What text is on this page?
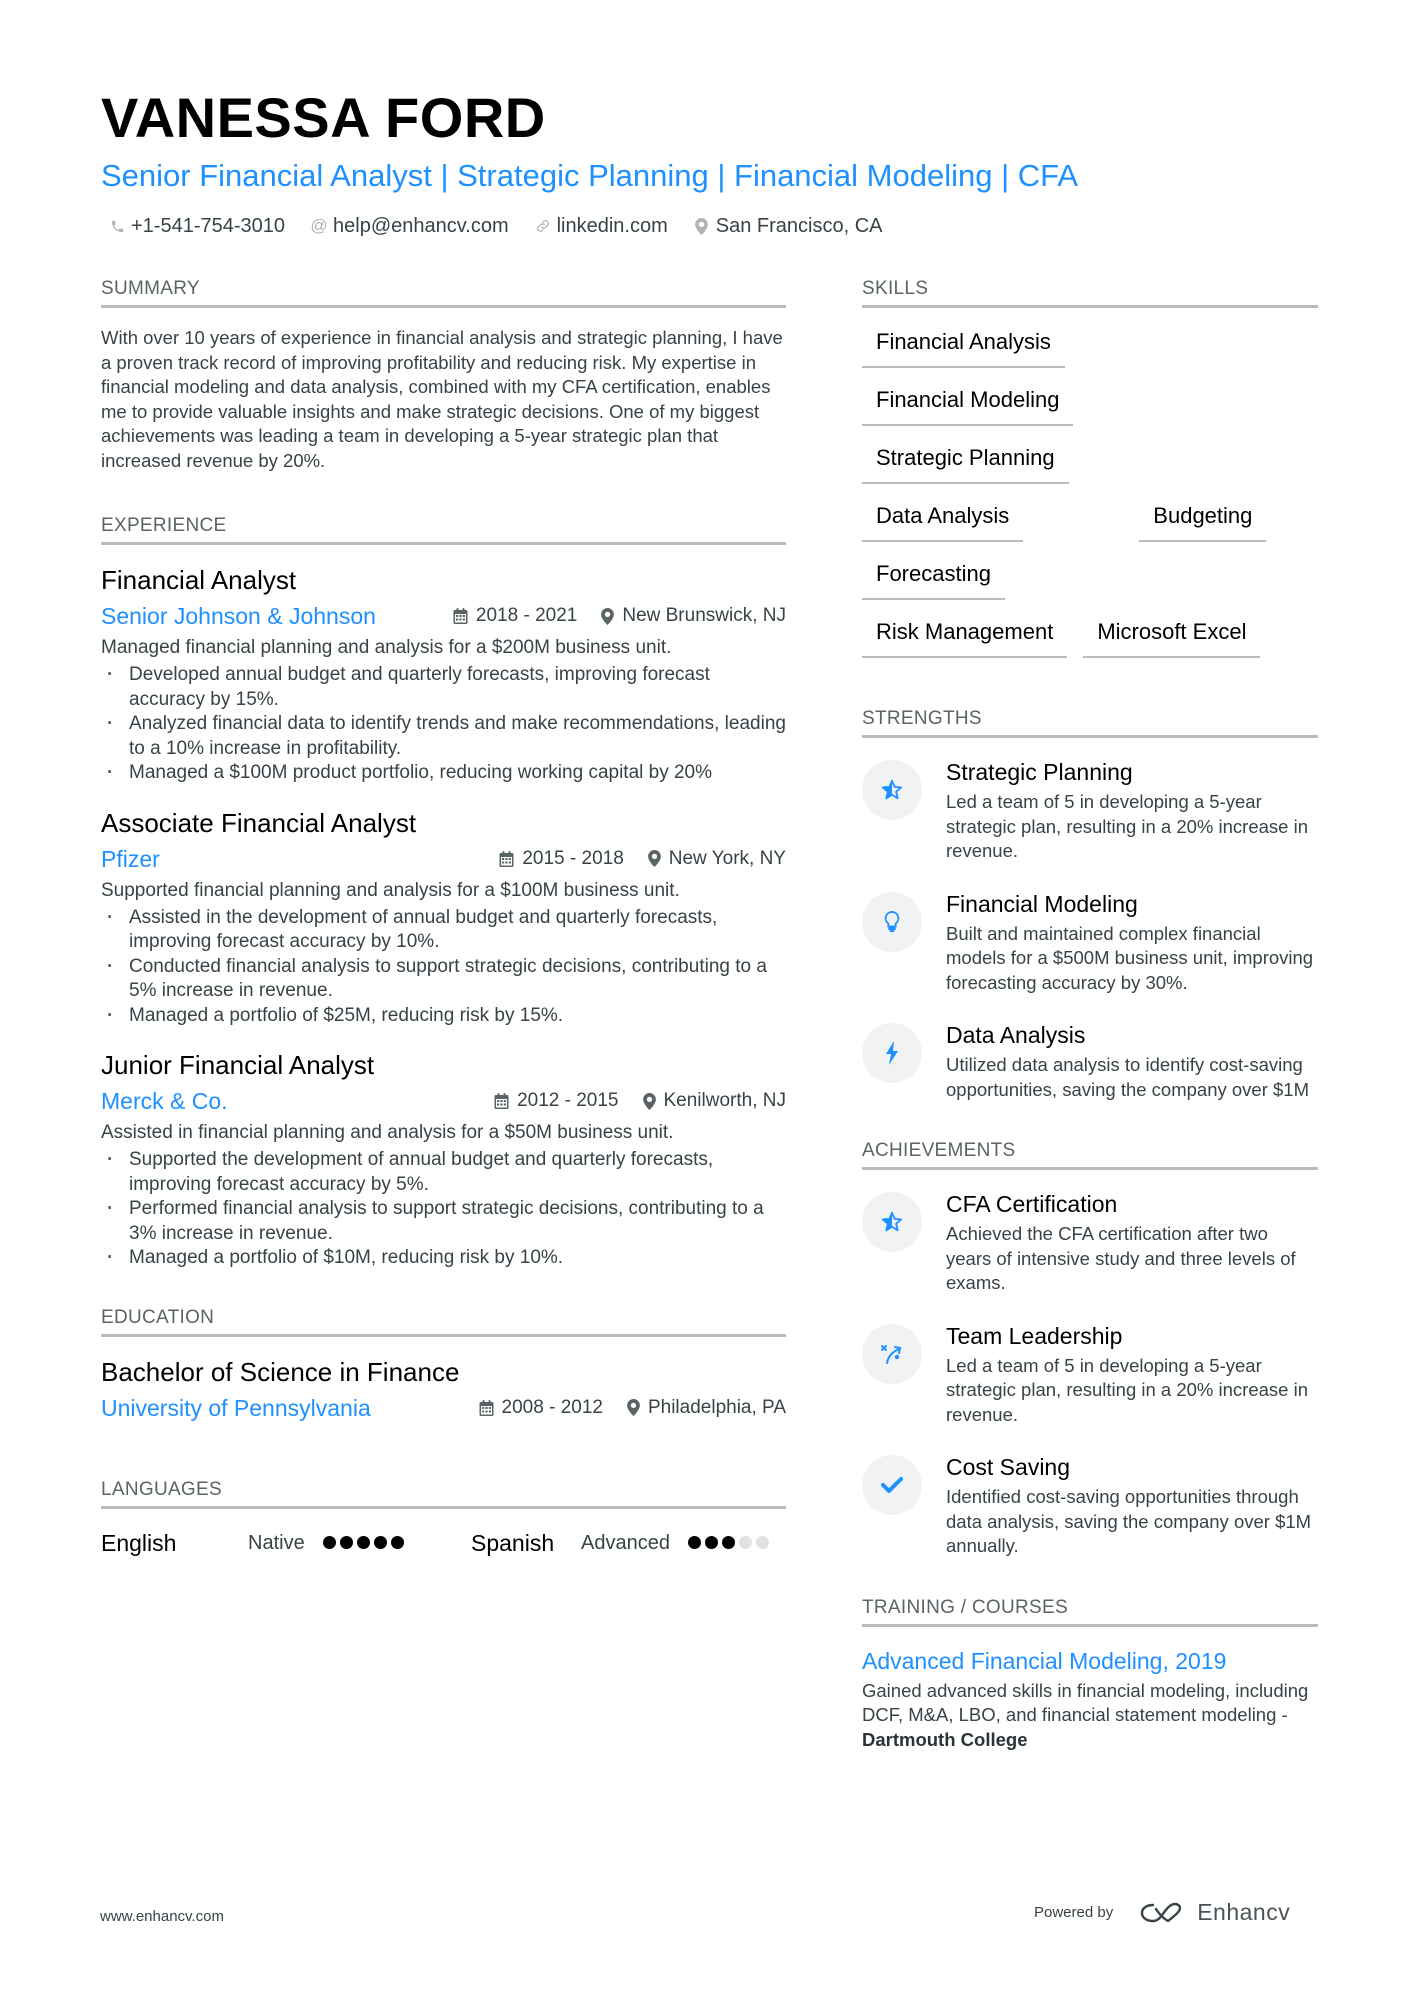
VANESSA FORD
Senior Financial Analyst | Strategic Planning | Financial Modeling | CFA
+1-541-754-3010 @ help@enhancv.com linkedin.com San Francisco, CA
SUMMARY

With over 10 years of experience in financial analysis and strategic planning, I have a proven track record of improving profitability and reducing risk. My expertise in financial modeling and data analysis, combined with my CFA certification, enables me to provide valuable insights and make strategic decisions. One of my biggest achievements was leading a team in developing a 5-year strategic plan that increased revenue by 20%.

EXPERIENCE
Financial Analyst
Senior Johnson & Johnson	2018 - 2021 New Brunswick, NJ
Managed financial planning and analysis for a $200M business unit.
· Developed annual budget and quarterly forecasts, improving forecast accuracy by 15%.
· Analyzed financial data to identify trends and make recommendations, leading to a 10% increase in profitability.
· Managed a $100M product portfolio, reducing working capital by 20%
Associate Financial Analyst
Pfizer	2015 - 2018 New York, NY
Supported financial planning and analysis for a $100M business unit.
· Assisted in the development of annual budget and quarterly forecasts, improving forecast accuracy by 10%.
· Conducted financial analysis to support strategic decisions, contributing to a 5% increase in revenue.
· Managed a portfolio of $25M, reducing risk by 15%.
Junior Financial Analyst
Merck & Co.	2012 - 2015 Kenilworth, NJ
Assisted in financial planning and analysis for a $50M business unit.
· Supported the development of annual budget and quarterly forecasts, improving forecast accuracy by 5%.
· Performed financial analysis to support strategic decisions, contributing to a 3% increase in revenue.
· Managed a portfolio of $10M, reducing risk by 10%.
EDUCATION
Bachelor of Science in Finance
University of Pennsylvania	2008 - 2012 Philadelphia, PA
LANGUAGES
English	Native	Spanish	Advanced
SKILLS
Financial Analysis
Financial Modeling
Strategic Planning
Data Analysis	Budgeting
Forecasting
Risk Management	Microsoft Excel
STRENGTHS
Strategic Planning
Led a team of 5 in developing a 5-year strategic plan, resulting in a 20% increase in revenue.
Financial Modeling
Built and maintained complex financial models for a $500M business unit, improving forecasting accuracy by 30%.
Data Analysis
Utilized data analysis to identify cost-saving opportunities, saving the company over $1M
ACHIEVEMENTS
CFA Certification
Achieved the CFA certification after two years of intensive study and three levels of exams.
Team Leadership
Led a team of 5 in developing a 5-year strategic plan, resulting in a 20% increase in revenue.
Cost Saving
Identified cost-saving opportunities through data analysis, saving the company over $1M annually.
TRAINING / COURSES
Advanced Financial Modeling, 2019
Gained advanced skills in financial modeling, including DCF, M&A, LBO, and financial statement modeling - Dartmouth College
www.enhancv.com	Powered by	Enhancv
